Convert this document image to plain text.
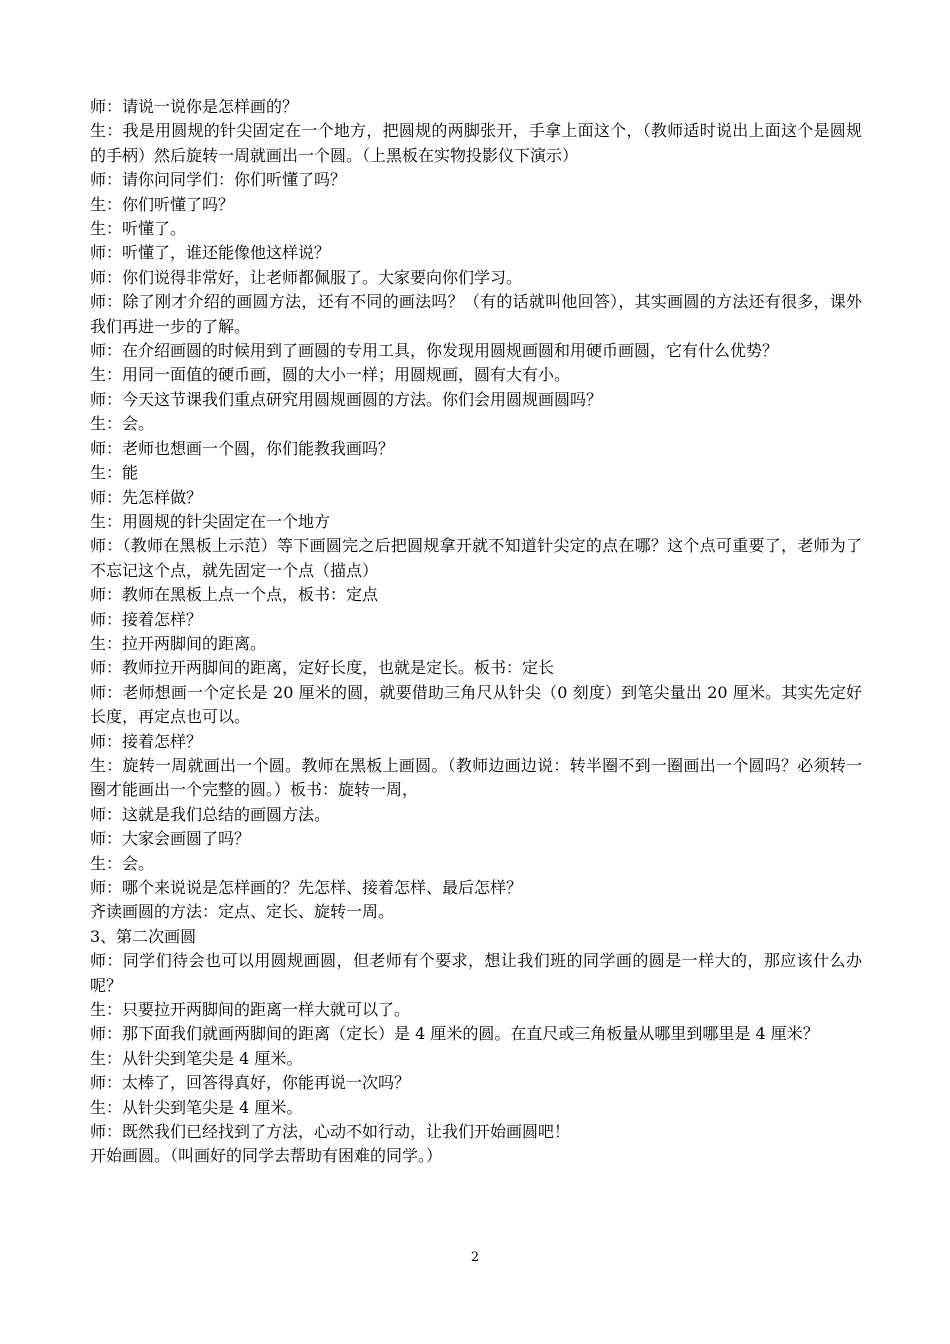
师：请说一说你是怎样画的？

生：我是用圆规的针尖固定在一个地方，把圆规的两脚张开，手拿上面这个，（教师适时说出上面这个是圆规的手柄）然后旋转一周就画出一个圆。（上黑板在实物投影仪下演示）

师：请你问同学们：你们听懂了吗？

生：你们听懂了吗？

生：听懂了。

师：听懂了，谁还能像他这样说？

师：你们说得非常好，让老师都佩服了。大家要向你们学习。

师：除了刚才介绍的画圆方法，还有不同的画法吗？（有的话就叫他回答），其实画圆的方法还有很多，课外我们再进一步的了解。

师：在介绍画圆的时候用到了画圆的专用工具，你发现用圆规画圆和用硬币画圆，它有什么优势？

生：用同一面值的硬币画，圆的大小一样；用圆规画，圆有大有小。

师：今天这节课我们重点研究用圆规画圆的方法。你们会用圆规画圆吗？

生：会。

师：老师也想画一个圆，你们能教我画吗？

生：能

师：先怎样做？

生：用圆规的针尖固定在一个地方

师：（教师在黑板上示范）等下画圆完之后把圆规拿开就不知道针尖定的点在哪？这个点可重要了，老师为了不忘记这个点，就先固定一个点（描点）

师：教师在黑板上点一个点，板书：定点

师：接着怎样？

生：拉开两脚间的距离。

师：教师拉开两脚间的距离，定好长度，也就是定长。板书：定长

师：老师想画一个定长是 20 厘米的圆，就要借助三角尺从针尖（0 刻度）到笔尖量出 20 厘米。其实先定好长度，再定点也可以。

师：接着怎样？

生：旋转一周就画出一个圆。教师在黑板上画圆。（教师边画边说：转半圈不到一圈画出一个圆吗？必须转一圈才能画出一个完整的圆。）板书：旋转一周，

师：这就是我们总结的画圆方法。

师：大家会画圆了吗？

生：会。

师：哪个来说说是怎样画的？先怎样、接着怎样、最后怎样？

齐读画圆的方法：定点、定长、旋转一周。

3、第二次画圆

师：同学们待会也可以用圆规画圆，但老师有个要求，想让我们班的同学画的圆是一样大的，那应该什么办呢？

生：只要拉开两脚间的距离一样大就可以了。

师：那下面我们就画两脚间的距离（定长）是 4 厘米的圆。在直尺或三角板量从哪里到哪里是 4 厘米？

生：从针尖到笔尖是 4 厘米。

师：太棒了，回答得真好，你能再说一次吗？

生：从针尖到笔尖是 4 厘米。

师：既然我们已经找到了方法，心动不如行动，让我们开始画圆吧！

开始画圆。（叫画好的同学去帮助有困难的同学。）

2
